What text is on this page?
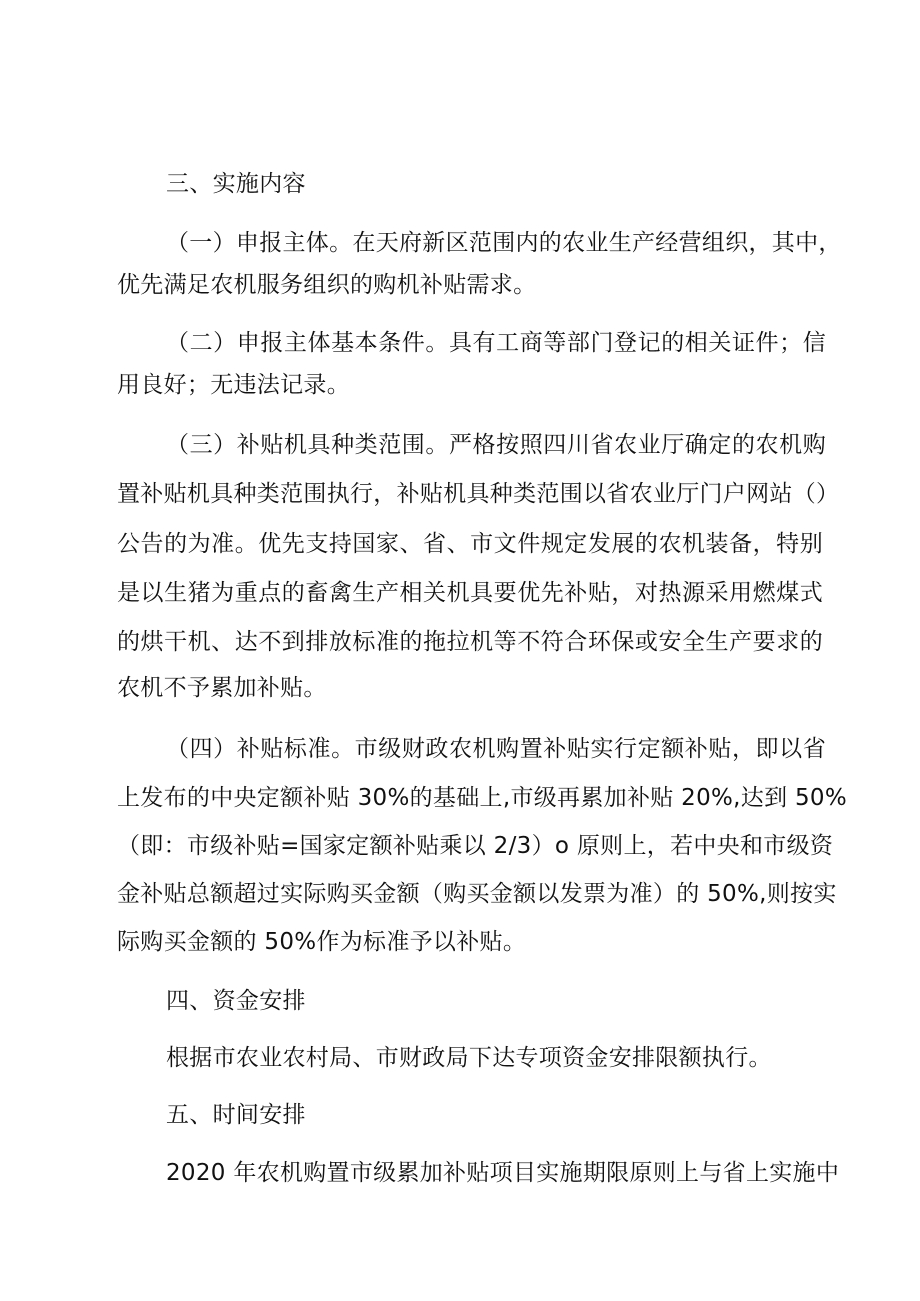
三、实施内容
（一）申报主体。在天府新区范围内的农业生产经营组织，其中，
优先满足农机服务组织的购机补贴需求。
（二）申报主体基本条件。具有工商等部门登记的相关证件；信
用良好；无违法记录。
（三）补贴机具种类范围。严格按照四川省农业厅确定的农机购
置补贴机具种类范围执行，补贴机具种类范围以省农业厅门户网站（）
公告的为准。优先支持国家、省、市文件规定发展的农机装备，特别
是以生猪为重点的畜禽生产相关机具要优先补贴，对热源采用燃煤式
的烘干机、达不到排放标准的拖拉机等不符合环保或安全生产要求的
农机不予累加补贴。
（四）补贴标准。市级财政农机购置补贴实行定额补贴，即以省
上发布的中央定额补贴 30%的基础上,市级再累加补贴 20%,达到 50%
（即：市级补贴=国家定额补贴乘以 2/3）o 原则上，若中央和市级资
金补贴总额超过实际购买金额（购买金额以发票为准）的 50%,则按实
际购买金额的 50%作为标准予以补贴。
四、资金安排
根据市农业农村局、市财政局下达专项资金安排限额执行。
五、时间安排
2020 年农机购置市级累加补贴项目实施期限原则上与省上实施中
